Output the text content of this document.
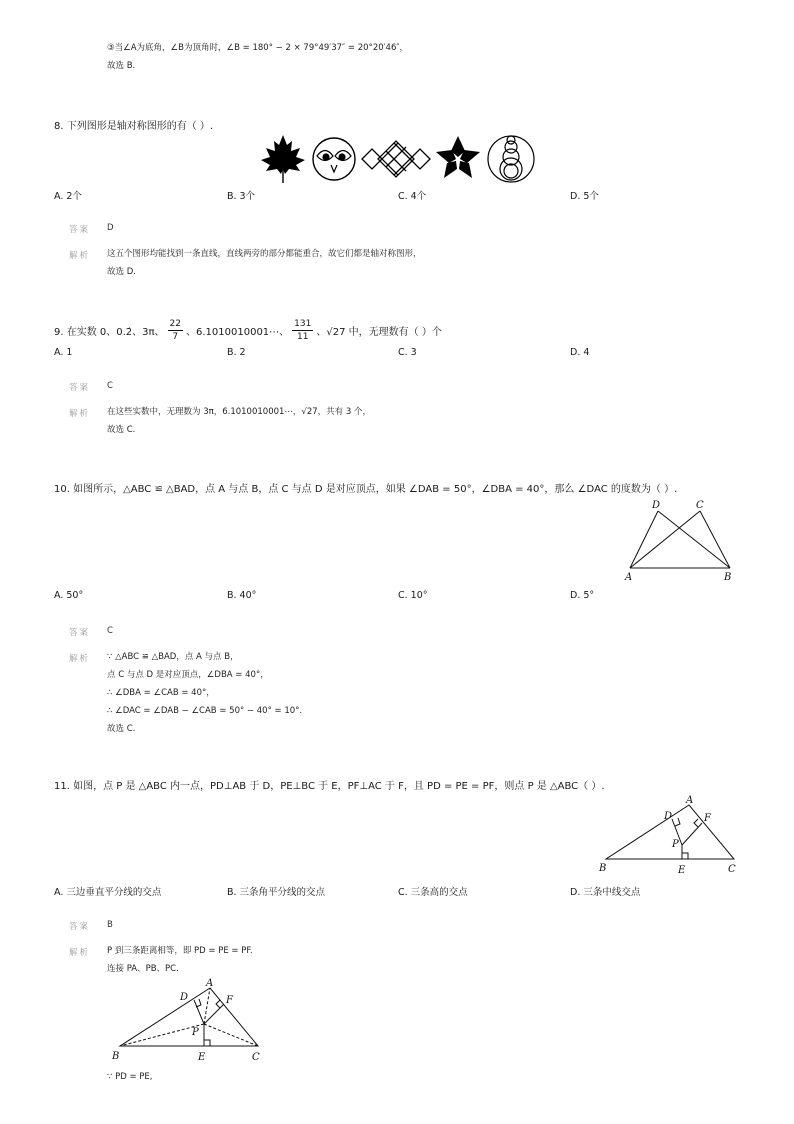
③当∠A为底角，∠B为顶角时，∠B = 180° − 2 × 79°49′37″ = 20°20′46″，
故选 B.
8. 下列图形是轴对称图形的有（ ）.
A. 2个	B. 3个	C. 4个	D. 5个
答案 D
解析 这五个图形均能找到一条直线，直线两旁的部分都能重合，故它们都是轴对称图形，
故选 D.
9. 在实数 0、0.2̇、3π、 $\frac{22}{7}$ 、6.1010010001⋯、 $\frac{131}{11}$ 、√27 中，无理数有（ ）个
A. 1	B. 2	C. 3	D. 4
答案 C
解析 在这些实数中，无理数为 3π，6.1010010001⋯，√27，共有 3 个，
故选 C.
10. 如图所示，△ABC ≌ △BAD，点 A 与点 B，点 C 与点 D 是对应顶点，如果 ∠DAB = 50°，∠DBA = 40°，那么 ∠DAC 的度数为（ ）.
A	B
C
D
A. 50°	B. 40°	C. 10°	D. 5°
答案 C
解析 ∵ △ABC ≌ △BAD，点 A 与点 B，
点 C 与点 D 是对应顶点，∠DBA = 40°，
∴ ∠DBA = ∠CAB = 40°，
∴ ∠DAC = ∠DAB − ∠CAB = 50° − 40° = 10°.
故选 C.
11. 如图，点 P 是 △ABC 内一点，PD⊥AB 于 D，PE⊥BC 于 E，PF⊥AC 于 F，且 PD = PE = PF，则点 P 是 △ABC（ ）.
A
B	C
D
E
F
P
A. 三边垂直平分线的交点	B. 三条角平分线的交点	C. 三条高的交点	D. 三条中线交点
答案 B
解析 P 到三条距离相等，即 PD = PE = PF.
连接 PA、PB、PC.
A
B	C
D
E
F
P
∵ PD = PE,
